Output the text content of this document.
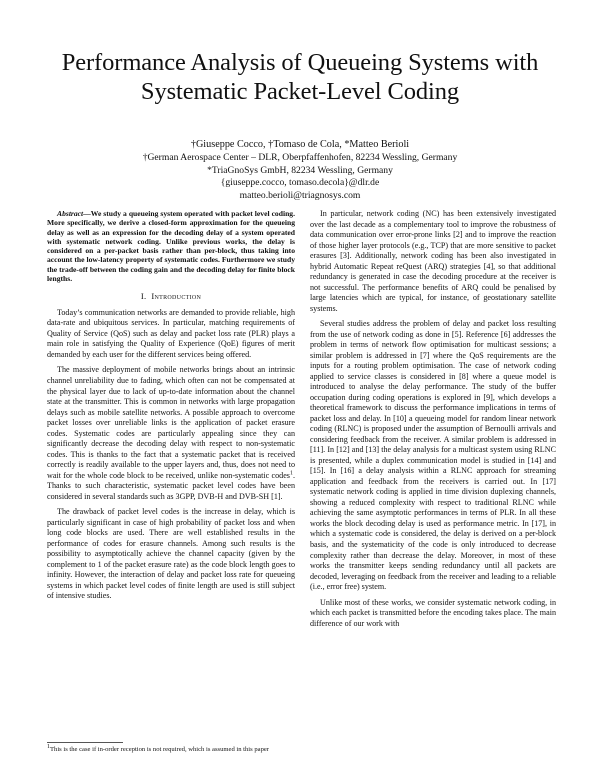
Performance Analysis of Queueing Systems with
Systematic Packet-Level Coding
†Giuseppe Cocco, †Tomaso de Cola, *Matteo Berioli
†German Aerospace Center – DLR, Oberpfaffenhofen, 82234 Wessling, Germany
*TriaGnoSys GmbH, 82234 Wessling, Germany
{giuseppe.cocco, tomaso.decola}@dlr.de
matteo.berioli@triagnosys.com

Abstract—We study a queueing system operated with packet level coding. More specifically, we derive a closed-form approximation for the queueing delay as well as an expression for the decoding delay of a system operated with systematic network coding. Unlike previous works, the delay is considered on a per-packet basis rather than per-block, thus taking into account the low-latency property of systematic codes. Furthermore we study the trade-off between the coding gain and the decoding delay for finite block lengths.

I. Introduction

Today’s communication networks are demanded to provide reliable, high data-rate and ubiquitous services. In particular, matching requirements of Quality of Service (QoS) such as delay and packet loss rate (PLR) plays a main role in satisfying the Quality of Experience (QoE) figures of merit demanded by each user for the different services being offered.

The massive deployment of mobile networks brings about an intrinsic channel unreliability due to fading, which often can not be compensated at the physical layer due to lack of up-to-date information about the channel state at the transmitter. This is common in networks with large propagation delays such as mobile satellite networks. A possible approach to overcome packet losses over unreliable links is the application of packet erasure codes. Systematic codes are particularly appealing since they can significantly decrease the decoding delay with respect to non-systematic codes. This is thanks to the fact that a systematic packet that is received correctly is readily available to the upper layers and, thus, does not need to wait for the whole code block to be received, unlike non-systematic codes$^1$. Thanks to such characteristic, systematic packet level codes have been considered in several standards such as 3GPP, DVB-H and DVB-SH [1].

The drawback of packet level codes is the increase in delay, which is particularly significant in case of high probability of packet loss and when long code blocks are used. There are well established results in the performance of codes for erasure channels. Among such results is the possibility to asymptotically achieve the channel capacity (given by the complement to 1 of the packet erasure rate) as the code block length goes to infinity. However, the interaction of delay and packet loss rate for queueing systems in which packet level codes of finite length are used is still subject of intensive studies.

In particular, network coding (NC) has been extensively investigated over the last decade as a complementary tool to improve the robustness of data communication over error-prone links [2] and to improve the reaction of those higher layer protocols (e.g., TCP) that are more sensitive to packet erasures [3]. Additionally, network coding has been also investigated in hybrid Automatic Repeat reQuest (ARQ) strategies [4], so that additional redundancy is generated in case the decoding procedure at the receiver is not successful. The performance benefits of ARQ could be penalised by large latencies which are typical, for instance, of geostationary satellite systems.

Several studies address the problem of delay and packet loss resulting from the use of network coding as done in [5]. Reference [6] addresses the problem in terms of network flow optimisation for multicast sessions; a similar problem is addressed in [7] where the QoS requirements are the inputs for a routing problem optimisation. The case of network coding applied to service classes is considered in [8] where a queue model is introduced to analyse the delay performance. The study of the buffer occupation during coding operations is explored in [9], which develops a theoretical framework to discuss the performance implications in terms of packet loss and delay. In [10] a queueing model for random linear network coding (RLNC) is proposed under the assumption of Bernoulli arrivals and considering feedback from the receiver. A similar problem is addressed in [11]. In [12] and [13] the delay analysis for a multicast system using RLNC is presented, while a duplex communication model is studied in [14] and [15]. In [16] a delay analysis within a RLNC approach for streaming application and feedback from the receivers is carried out. In [17] systematic network coding is applied in time division duplexing channels, showing a reduced complexity with respect to traditional RLNC while achieving the same asymptotic performances in terms of PLR. In all these works the block decoding delay is used as performance metric. In [17], in which a systematic code is considered, the delay is derived on a per-block basis, and the systematicity of the code is only introduced to decrease complexity rather than decrease the delay. Moreover, in most of these works the transmitter keeps sending redundancy until all packets are decoded, leveraging on feedback from the receiver and leading to a reliable (i.e., error free) system.

Unlike most of these works, we consider systematic network coding, in which each packet is transmitted before the encoding takes place. The main difference of our work with

$^1$This is the case if in-order reception is not required, which is assumed in this paper
